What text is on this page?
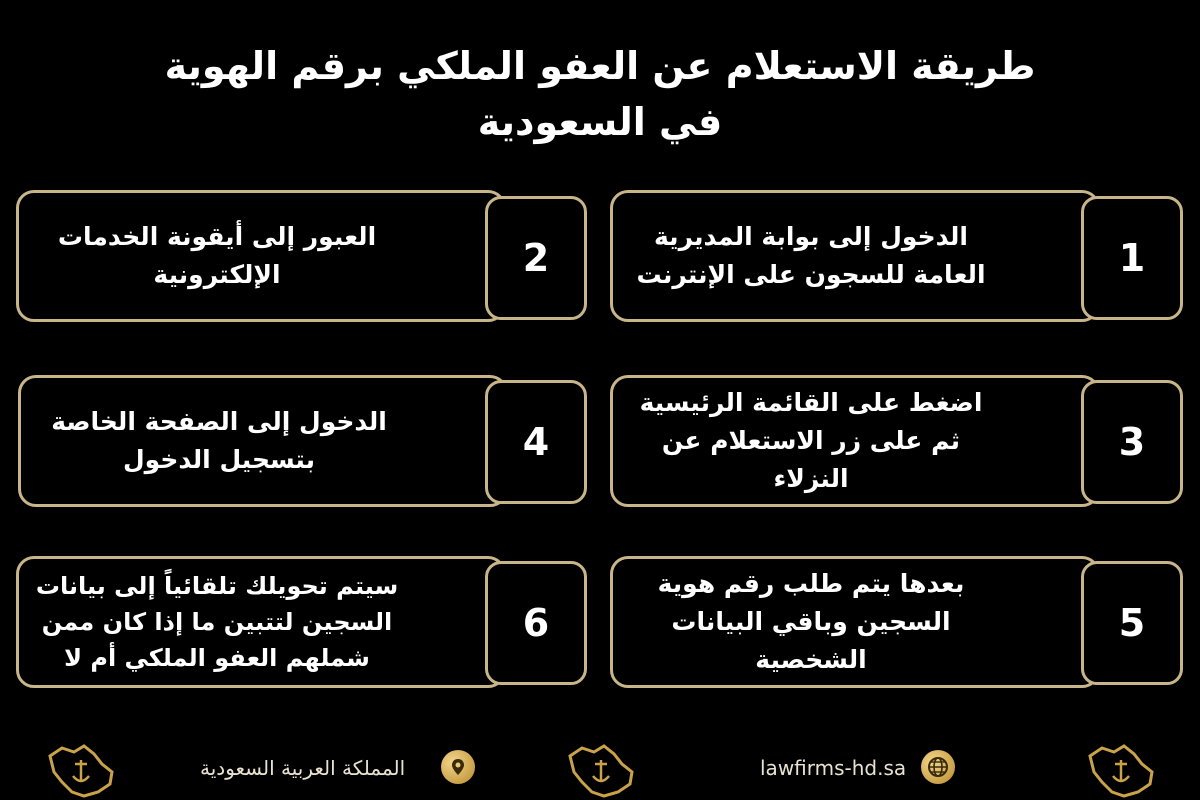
طريقة الاستعلام عن العفو الملكي برقم الهوية
في السعودية
الدخول إلى بوابة المديرية العامة للسجون على الإنترنت	1
العبور إلى أيقونة الخدمات الإلكترونية	2
اضغط على القائمة الرئيسية ثم على زر الاستعلام عن النزلاء
3
الدخول إلى الصفحة الخاصة بتسجيل الدخول	4
بعدها يتم طلب رقم هوية السجين وباقي البيانات الشخصية
5
سيتم تحويلك تلقائياً إلى بيانات السجين لتتبين ما إذا كان ممن شملهم العفو الملكي أم لا
6
المملكة العربية السعودية	lawfirms-hd.sa
